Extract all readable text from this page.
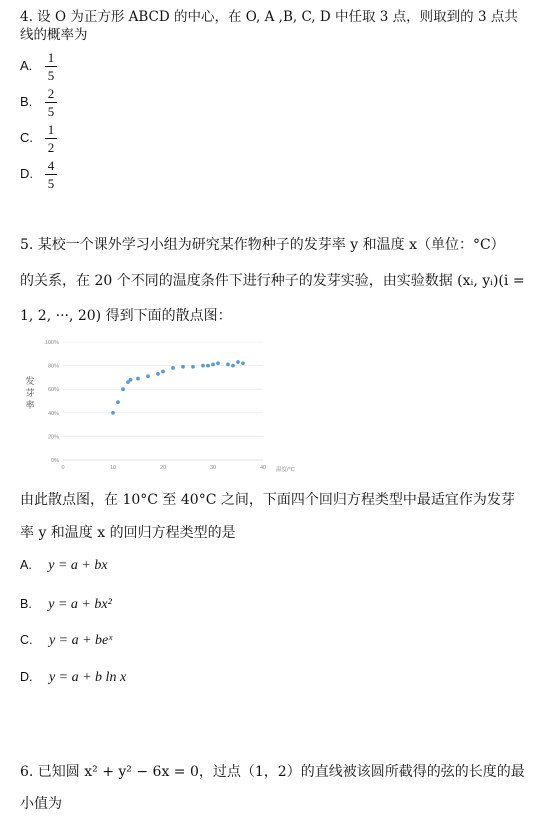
4. 设 O 为正方形 ABCD 的中心，在 O, A ,B, C, D 中任取 3 点，则取到的 3 点共
线的概率为
A.
1
5
B.
2
5
C.
1
2
D.
4
5
5. 某校一个课外学习小组为研究某作物种子的发芽率 y 和温度 x（单位：°C）
的关系，在 20 个不同的温度条件下进行种子的发芽实验，由实验数据 (xᵢ, yᵢ)(i =
1, 2, ···, 20) 得到下面的散点图：
0%
20%
40%
60%
80%
100%
0	10	20	30	40
发
芽
率
温度/°C
由此散点图，在 10°C 至 40°C 之间，下面四个回归方程类型中最适宜作为发芽
率 y 和温度 x 的回归方程类型的是
A. y = a + bx
B. y = a + bx²
C. y = a + beˣ
D. y = a + b ln x
6. 已知圆 x² + y² − 6x = 0，过点（1，2）的直线被该圆所截得的弦的长度的最
小值为
